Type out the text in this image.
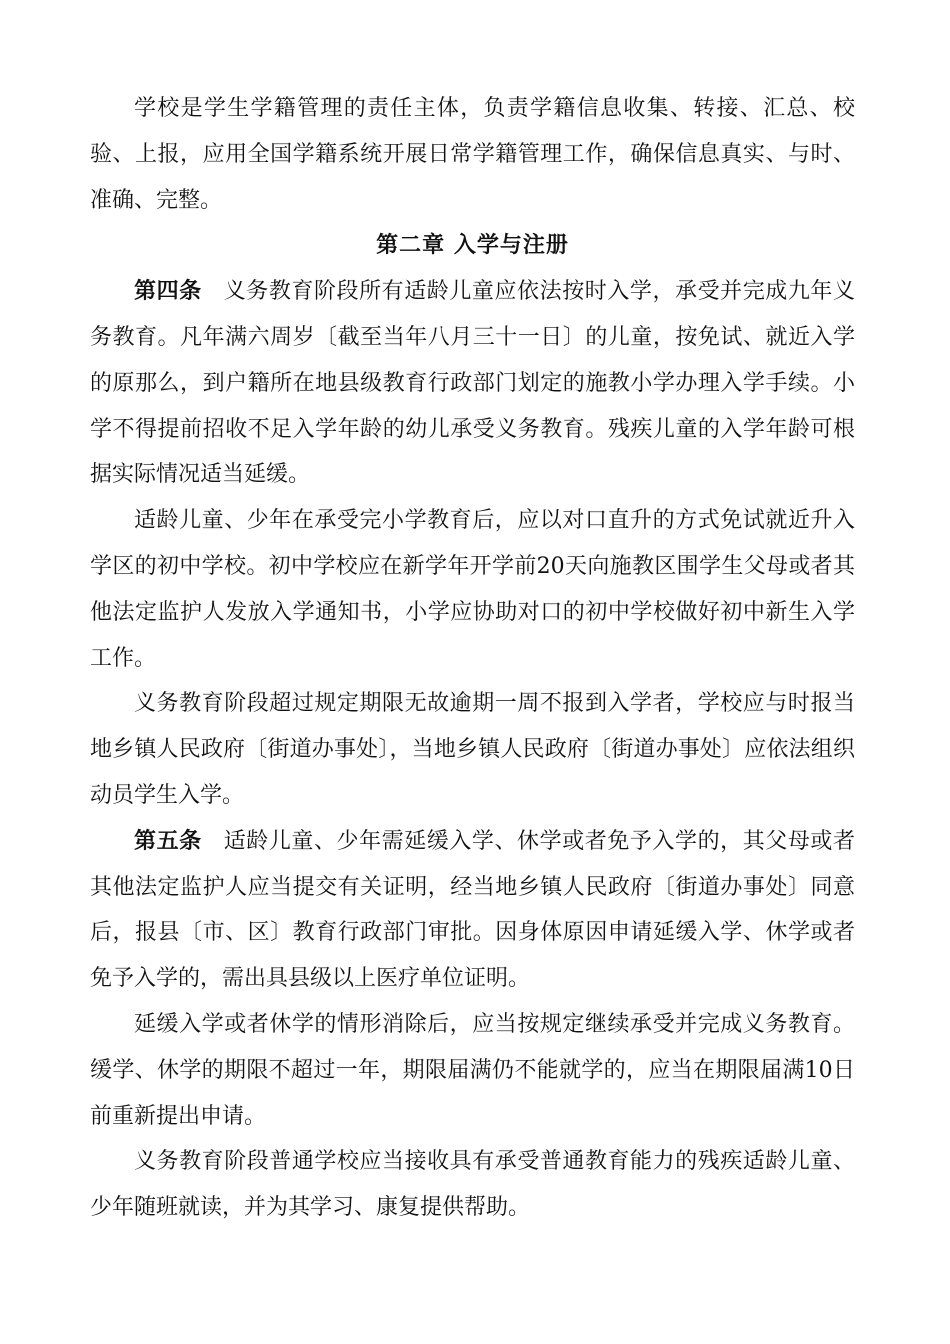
学校是学生学籍管理的责任主体，负责学籍信息收集、转接、汇总、校验、上报，应用全国学籍系统开展日常学籍管理工作，确保信息真实、与时、准确、完整。

第二章 入学与注册

第四条 义务教育阶段所有适龄儿童应依法按时入学，承受并完成九年义务教育。凡年满六周岁〔截至当年八月三十一日〕的儿童，按免试、就近入学的原那么，到户籍所在地县级教育行政部门划定的施教小学办理入学手续。小学不得提前招收不足入学年龄的幼儿承受义务教育。残疾儿童的入学年龄可根据实际情况适当延缓。

适龄儿童、少年在承受完小学教育后，应以对口直升的方式免试就近升入学区的初中学校。初中学校应在新学年开学前20天向施教区围学生父母或者其他法定监护人发放入学通知书，小学应协助对口的初中学校做好初中新生入学工作。

义务教育阶段超过规定期限无故逾期一周不报到入学者，学校应与时报当地乡镇人民政府〔街道办事处〕，当地乡镇人民政府〔街道办事处〕应依法组织动员学生入学。

第五条 适龄儿童、少年需延缓入学、休学或者免予入学的，其父母或者其他法定监护人应当提交有关证明，经当地乡镇人民政府〔街道办事处〕同意后，报县〔市、区〕教育行政部门审批。因身体原因申请延缓入学、休学或者免予入学的，需出具县级以上医疗单位证明。

延缓入学或者休学的情形消除后，应当按规定继续承受并完成义务教育。缓学、休学的期限不超过一年，期限届满仍不能就学的，应当在期限届满10日前重新提出申请。

义务教育阶段普通学校应当接收具有承受普通教育能力的残疾适龄儿童、少年随班就读，并为其学习、康复提供帮助。
